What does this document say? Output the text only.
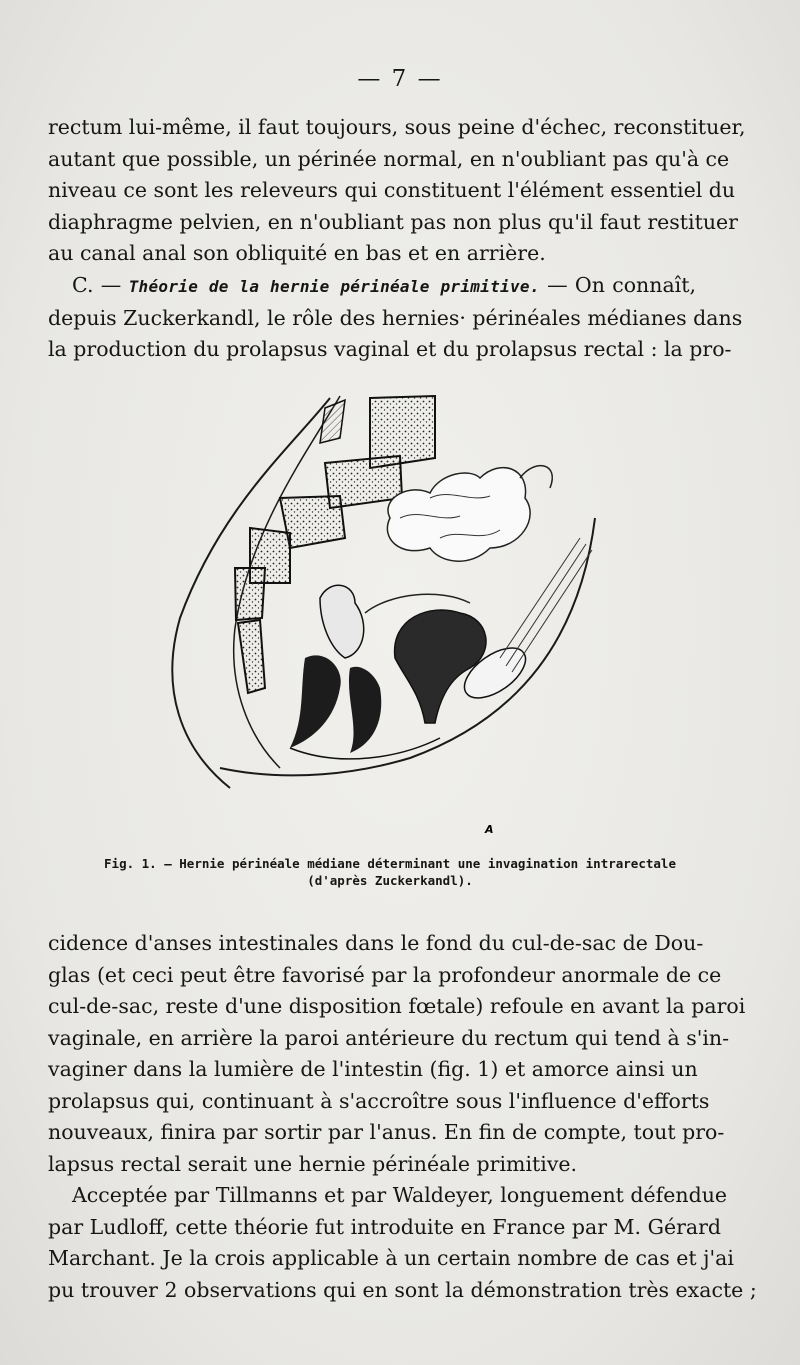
— 7 —

rectum lui-même, il faut toujours, sous peine d'échec, reconstituer,
autant que possible, un périnée normal, en n'oubliant pas qu'à ce
niveau ce sont les releveurs qui constituent l'élément essentiel du
diaphragme pelvien, en n'oubliant pas non plus qu'il faut restituer
au canal anal son obliquité en bas et en arrière.

C. — Théorie de la hernie périnéale primitive. — On connaît,
depuis Zuckerkandl, le rôle des hernies· périnéales médianes dans
la production du prolapsus vaginal et du prolapsus rectal : la pro-

A
Fig. 1. — Hernie périnéale médiane déterminant une invagination intrarectale
(d'après Zuckerkandl).

cidence d'anses intestinales dans le fond du cul-de-sac de Dou-
glas (et ceci peut être favorisé par la profondeur anormale de ce
cul-de-sac, reste d'une disposition fœtale) refoule en avant la paroi
vaginale, en arrière la paroi antérieure du rectum qui tend à s'in-
vaginer dans la lumière de l'intestin (fig. 1) et amorce ainsi un
prolapsus qui, continuant à s'accroître sous l'influence d'efforts
nouveaux, finira par sortir par l'anus. En fin de compte, tout pro-
lapsus rectal serait une hernie périnéale primitive.

Acceptée par Tillmanns et par Waldeyer, longuement défendue
par Ludloff, cette théorie fut introduite en France par M. Gérard
Marchant. Je la crois applicable à un certain nombre de cas et j'ai
pu trouver 2 observations qui en sont la démonstration très exacte ;
